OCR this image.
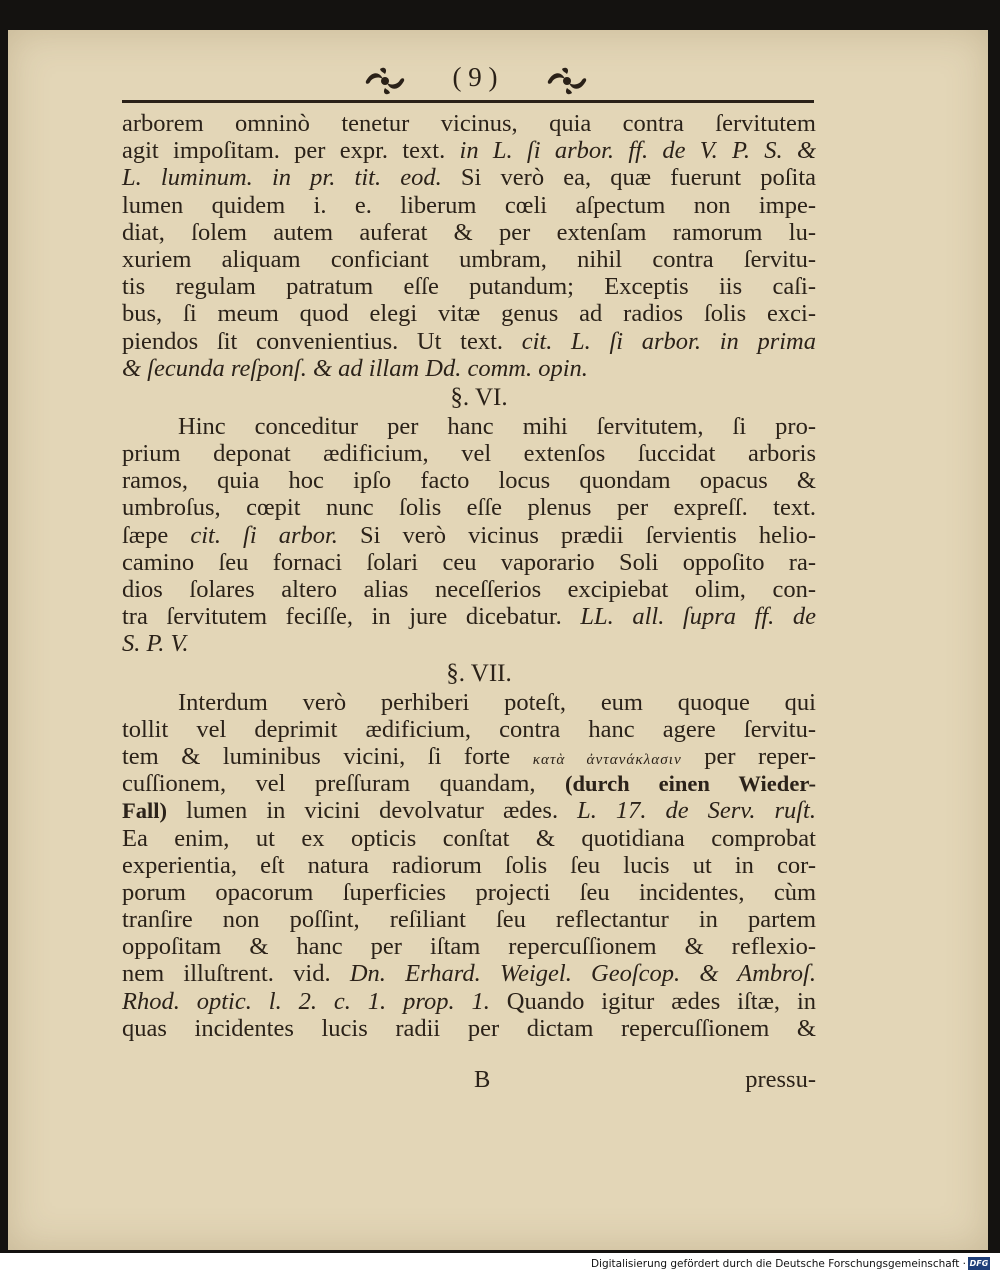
( 9 )
arborem omninò tenetur vicinus, quia contra ſervitutem
agit impoſitam. per expr. text. in L. ſi arbor. ff. de V. P. S. &
L. luminum. in pr. tit. eod. Si verò ea, quæ fuerunt poſita
lumen quidem i. e. liberum cœli aſpectum non impe-
diat, ſolem autem auferat & per extenſam ramorum lu-
xuriem aliquam conficiant umbram, nihil contra ſervitu-
tis regulam patratum eſſe putandum; Exceptis iis caſi-
bus, ſi meum quod elegi vitæ genus ad radios ſolis exci-
piendos ſit convenientius. Ut text. cit. L. ſi arbor. in prima
& ſecunda reſponſ. & ad illam Dd. comm. opin.
§. VI.
Hinc conceditur per hanc mihi ſervitutem, ſi pro-
prium deponat ædificium, vel extenſos ſuccidat arboris
ramos, quia hoc ipſo facto locus quondam opacus &
umbroſus, cœpit nunc ſolis eſſe plenus per expreſſ. text.
ſæpe cit. ſi arbor. Si verò vicinus prædii ſervientis helio-
camino ſeu fornaci ſolari ceu vaporario Soli oppoſito ra-
dios ſolares altero alias neceſſerios excipiebat olim, con-
tra ſervitutem feciſſe, in jure dicebatur. LL. all. ſupra ff. de
S. P. V.
§. VII.
Interdum verò perhiberi poteſt, eum quoque qui
tollit vel deprimit ædificium, contra hanc agere ſervitu-
tem & luminibus vicini, ſi forte κατὰ ἀντανάκλασιν per reper-
cuſſionem, vel preſſuram quandam, (durch einen Wieder-
Fall) lumen in vicini devolvatur ædes. L. 17. de Serv. ruſt.
Ea enim, ut ex opticis conſtat & quotidiana comprobat
experientia, eſt natura radiorum ſolis ſeu lucis ut in cor-
porum opacorum ſuperficies projecti ſeu incidentes, cùm
tranſire non poſſint, reſiliant ſeu reflectantur in partem
oppoſitam & hanc per iſtam repercuſſionem & reflexio-
nem illuſtrent. vid. Dn. Erhard. Weigel. Geoſcop. & Ambroſ.
Rhod. optic. l. 2. c. 1. prop. 1. Quando igitur ædes iſtæ, in
quas incidentes lucis radii per dictam repercuſſionem &
B	pressu-
Digitalisierung gefördert durch die Deutsche Forschungsgemeinschaft · DFG
